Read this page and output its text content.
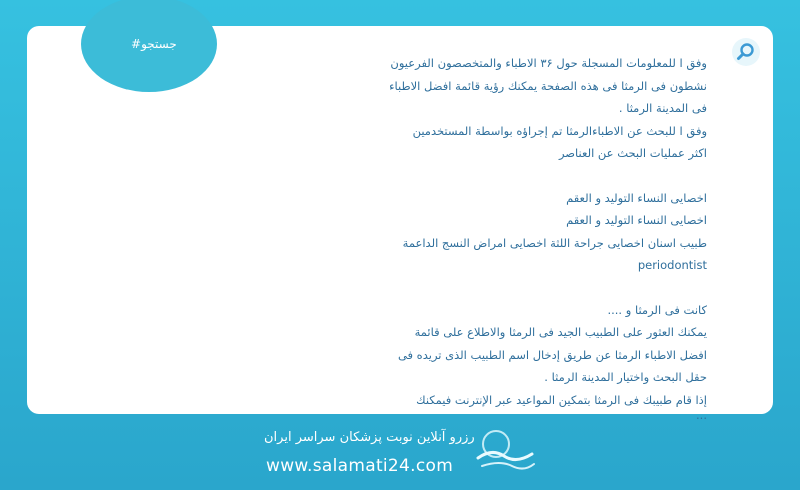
#جستجو

وفق ا للمعلومات المسجلة حول ۳۶ الاطباء والمتخصصون الفرعيون

نشطون فی الرمثا فی هذه الصفحة يمكنك رؤية قائمة افضل الاطباء

فی المدينة الرمثا .

وفق ا للبحث عن الاطباءالرمثا تم إجراؤه بواسطة المستخدمين

اكثر عمليات البحث عن العناصر

اخصایی النساء التولید و العقم

اخصایی النساء التولید و العقم

طبيب اسنان اخصایی جراحة اللثة اخصایی امراض النسج الداعمة

periodontist

كانت فی الرمثا و ....

يمكنك العثور على الطبيب الجيد فی الرمثا والاطلاع على قائمة

افضل الاطباء الرمثا عن طريق إدخال اسم الطبيب الذی تريده فی

حقل البحث واختيار المدينة الرمثا .

إذا قام طبيبك فی الرمثا بتمكين المواعيد عبر الإنترنت فيمكنك

...

رزرو آنلاین نوبت پزشکان سراسر ایران
www.salamati24.com
